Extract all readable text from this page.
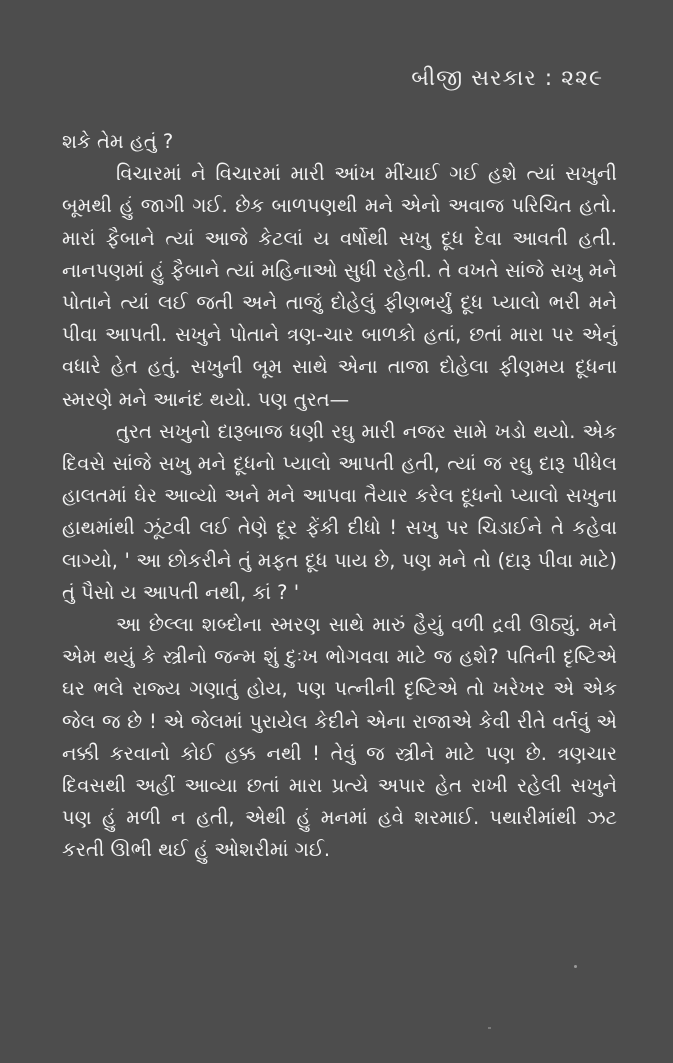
બીજી સરકાર : ૨૨૯

શકે તેમ હતું ?

વિચારમાં ને વિચારમાં મારી આંખ મીંચાઈ ગઈ હશે ત્યાં સખુની બૂમથી હું જાગી ગઈ. છેક બાળપણથી મને એનો અવાજ પરિચિત હતો. મારાં ફૈબાને ત્યાં આજે કેટલાં ય વર્ષોથી સખુ દૂધ દેવા આવતી હતી. નાનપણમાં હું ફૈબાને ત્યાં મહિનાઓ સુધી રહેતી. તે વખતે સાંજે સખુ મને પોતાને ત્યાં લઈ જતી અને તાજું દોહેલું ફીણભર્યું દૂધ પ્યાલો ભરી મને પીવા આપતી. સખુને પોતાને ત્રણ-ચાર બાળકો હતાં, છતાં મારા પર એનું વધારે હેત હતું. સખુની બૂમ સાથે એના તાજા દોહેલા ફીણમય દૂધના સ્મરણે મને આનંદ થયો. પણ તુરત—

તુરત સખુનો દારૂબાજ ધણી રઘુ મારી નજર સામે ખડો થયો. એક દિવસે સાંજે સખુ મને દૂધનો પ્યાલો આપતી હતી, ત્યાં જ રઘુ દારૂ પીધેલ હાલતમાં ઘેર આવ્યો અને મને આપવા તૈયાર કરેલ દૂધનો પ્યાલો સખુના હાથમાંથી ઝૂંટવી લઈ તેણે દૂર ફેંકી દીધો ! સખુ પર ચિડાઈને તે કહેવા લાગ્યો, ' આ છોકરીને તું મફત દૂધ પાય છે, પણ મને તો (દારૂ પીવા માટે) તું પૈસો ય આપતી નથી, કાં ? '

આ છેલ્લા શબ્દોના સ્મરણ સાથે મારું હૈયું વળી દ્રવી ઊઠ્યું. મને એમ થયું કે સ્ત્રીનો જન્મ શું દુઃખ ભોગવવા માટે જ હશે? પતિની દૃષ્ટિએ ઘર ભલે રાજ્ય ગણાતું હોય, પણ પત્નીની દૃષ્ટિએ તો ખરેખર એ એક જેલ જ છે ! એ જેલમાં પુરાયેલ કેદીને એના રાજાએ કેવી રીતે વર્તવું એ નક્કી કરવાનો કોઈ હક્ક નથી ! તેવું જ સ્ત્રીને માટે પણ છે. ત્રણચાર દિવસથી અહીં આવ્યા છતાં મારા પ્રત્યે અપાર હેત રાખી રહેલી સખુને પણ હું મળી ન હતી, એથી હું મનમાં હવે શરમાઈ. પથારીમાંથી ઝટ કરતી ઊભી થઈ હું ઓશરીમાં ગઈ.
